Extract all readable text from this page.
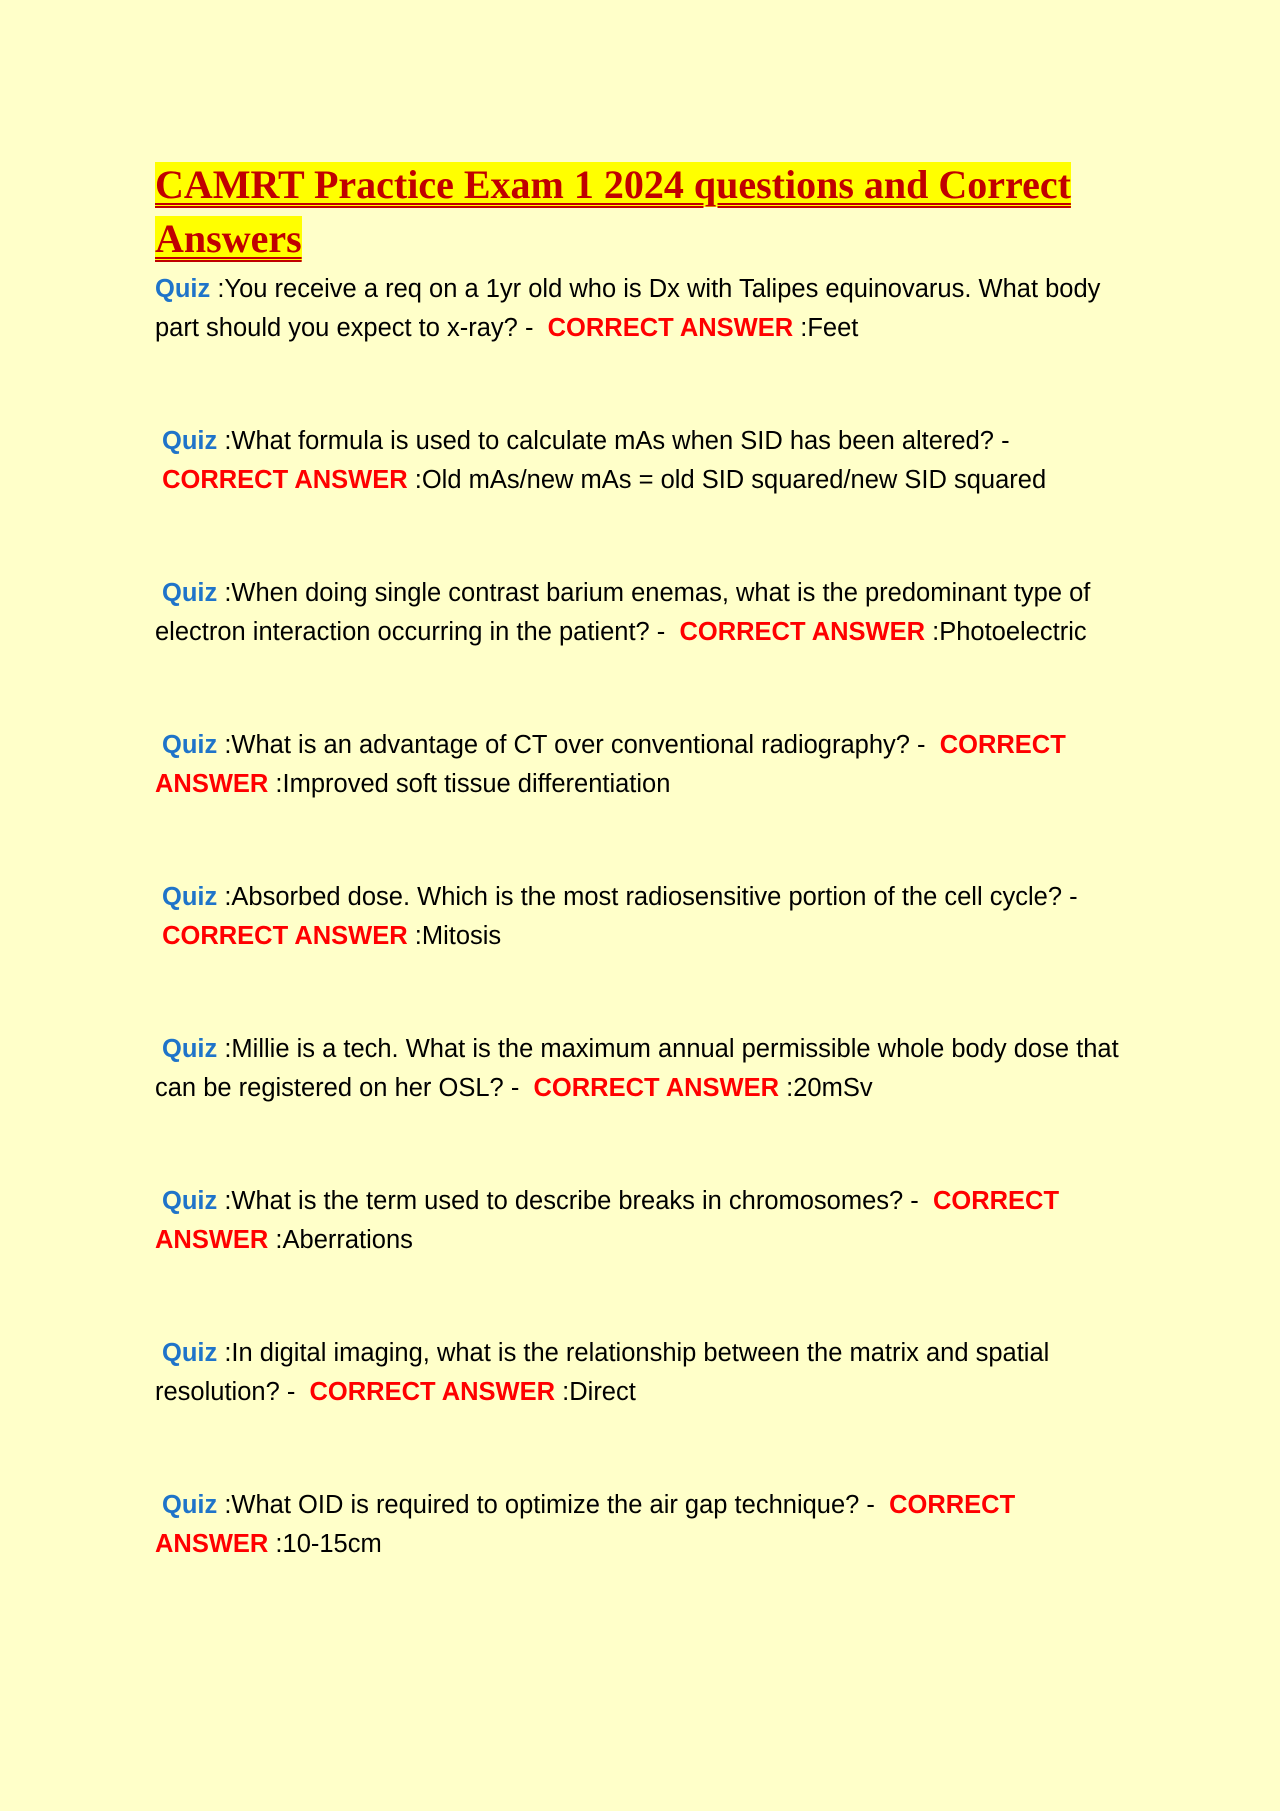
CAMRT Practice Exam 1 2024 questions and Correct Answers

Quiz :You receive a req on a 1yr old who is Dx with Talipes equinovarus. What body part should you expect to x-ray? -  CORRECT ANSWER :Feet

Quiz :What formula is used to calculate mAs when SID has been altered? -  CORRECT ANSWER :Old mAs/new mAs = old SID squared/new SID squared

Quiz :When doing single contrast barium enemas, what is the predominant type of electron interaction occurring in the patient? -  CORRECT ANSWER :Photoelectric

Quiz :What is an advantage of CT over conventional radiography? -  CORRECT ANSWER :Improved soft tissue differentiation

Quiz :Absorbed dose. Which is the most radiosensitive portion of the cell cycle? -  CORRECT ANSWER :Mitosis

Quiz :Millie is a tech. What is the maximum annual permissible whole body dose that can be registered on her OSL? -  CORRECT ANSWER :20mSv

Quiz :What is the term used to describe breaks in chromosomes? -  CORRECT ANSWER :Aberrations

Quiz :In digital imaging, what is the relationship between the matrix and spatial resolution? -  CORRECT ANSWER :Direct

Quiz :What OID is required to optimize the air gap technique? -  CORRECT ANSWER :10-15cm
